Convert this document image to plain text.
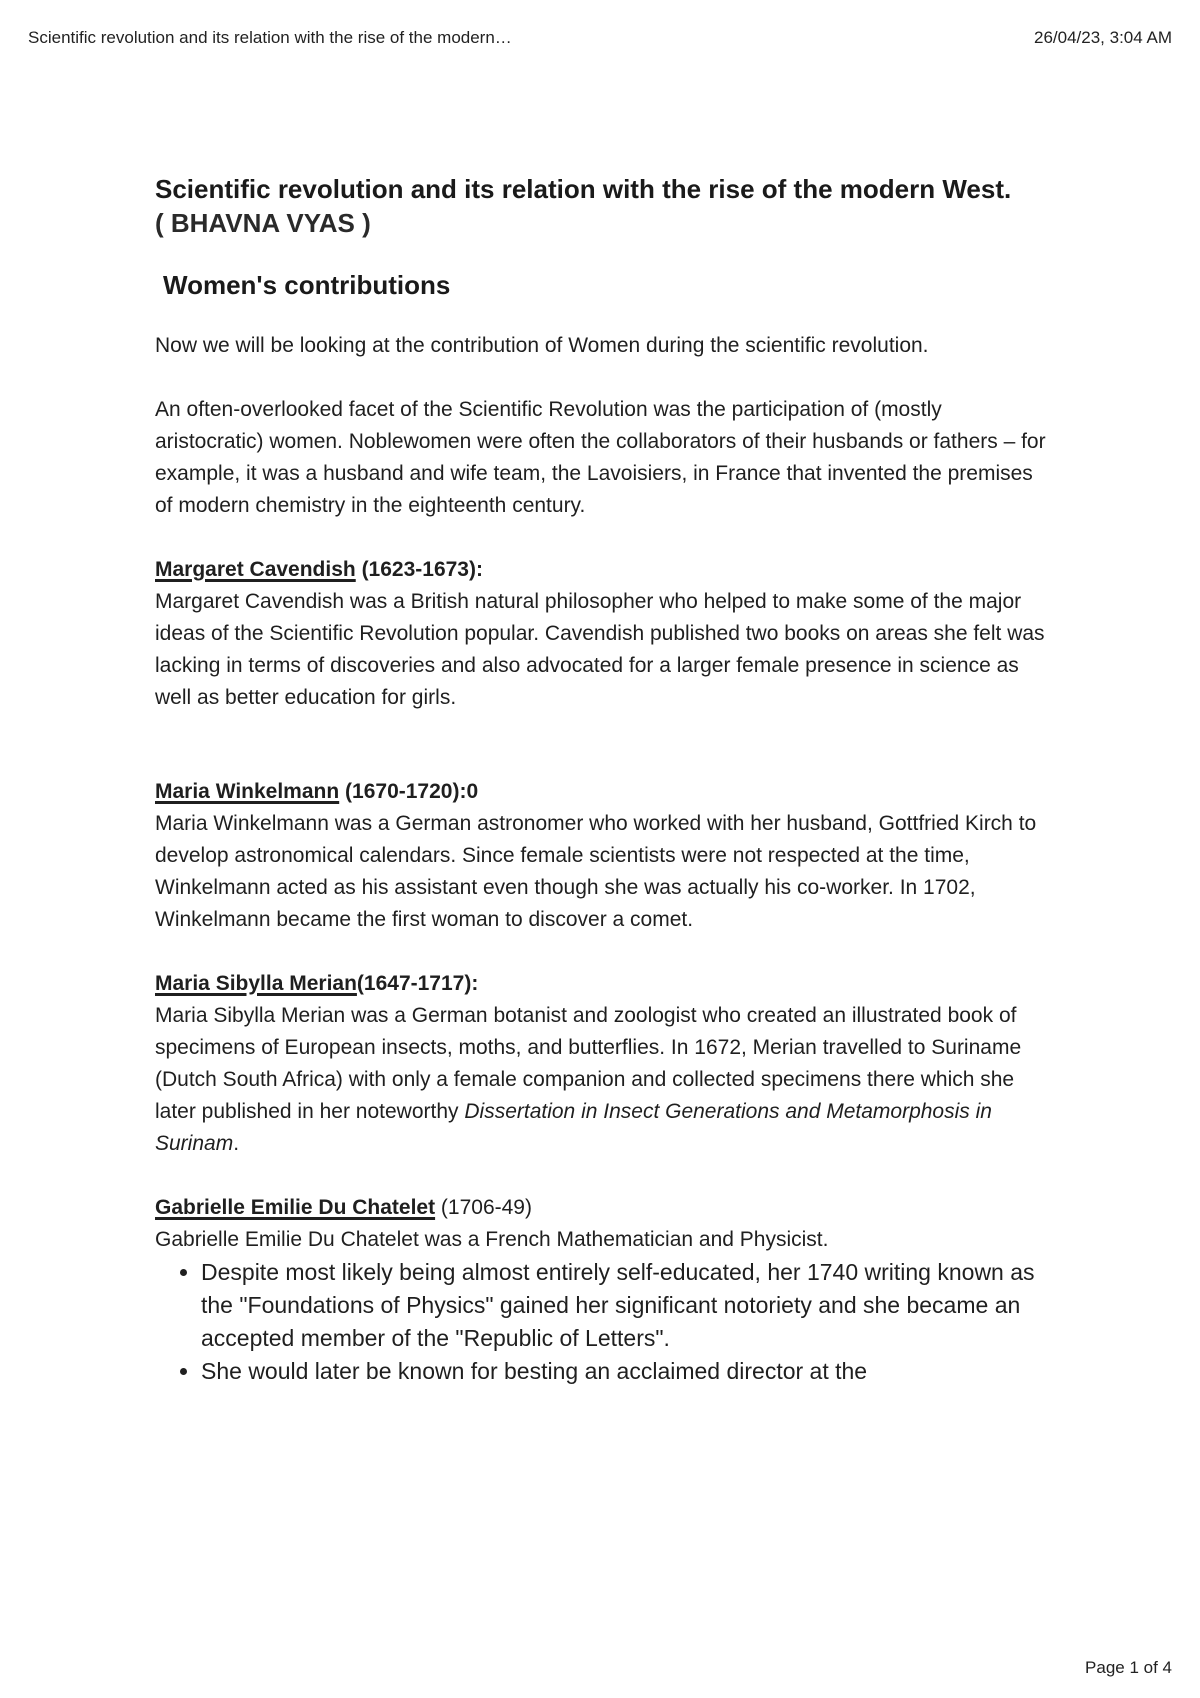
Scientific revolution and its relation with the rise of the modern…	26/04/23, 3:04 AM
Scientific revolution and its relation with the rise of the modern West.
( BHAVNA VYAS )
Women's contributions

Now we will be looking at the contribution of Women during the scientific revolution.

An often-overlooked facet of the Scientific Revolution was the participation of (mostly aristocratic) women. Noblewomen were often the collaborators of their husbands or fathers – for example, it was a husband and wife team, the Lavoisiers, in France that invented the premises of modern chemistry in the eighteenth century.

Margaret Cavendish (1623-1673):

Margaret Cavendish was a British natural philosopher who helped to make some of the major ideas of the Scientific Revolution popular. Cavendish published two books on areas she felt was lacking in terms of discoveries and also advocated for a larger female presence in science as well as better education for girls.

Maria Winkelmann (1670-1720):0

Maria Winkelmann was a German astronomer who worked with her husband, Gottfried Kirch to develop astronomical calendars. Since female scientists were not respected at the time, Winkelmann acted as his assistant even though she was actually his co-worker. In 1702, Winkelmann became the first woman to discover a comet.

Maria Sibylla Merian(1647-1717):

Maria Sibylla Merian was a German botanist and zoologist who created an illustrated book of specimens of European insects, moths, and butterflies. In 1672, Merian travelled to Suriname (Dutch South Africa) with only a female companion and collected specimens there which she later published in her noteworthy Dissertation in Insect Generations and Metamorphosis in Surinam.

Gabrielle Emilie Du Chatelet (1706-49)

Gabrielle Emilie Du Chatelet was a French Mathematician and Physicist.

• Despite most likely being almost entirely self-educated, her 1740 writing known as the "Foundations of Physics" gained her significant notoriety and she became an accepted member of the "Republic of Letters".
• She would later be known for besting an acclaimed director at the
Page 1 of 4
